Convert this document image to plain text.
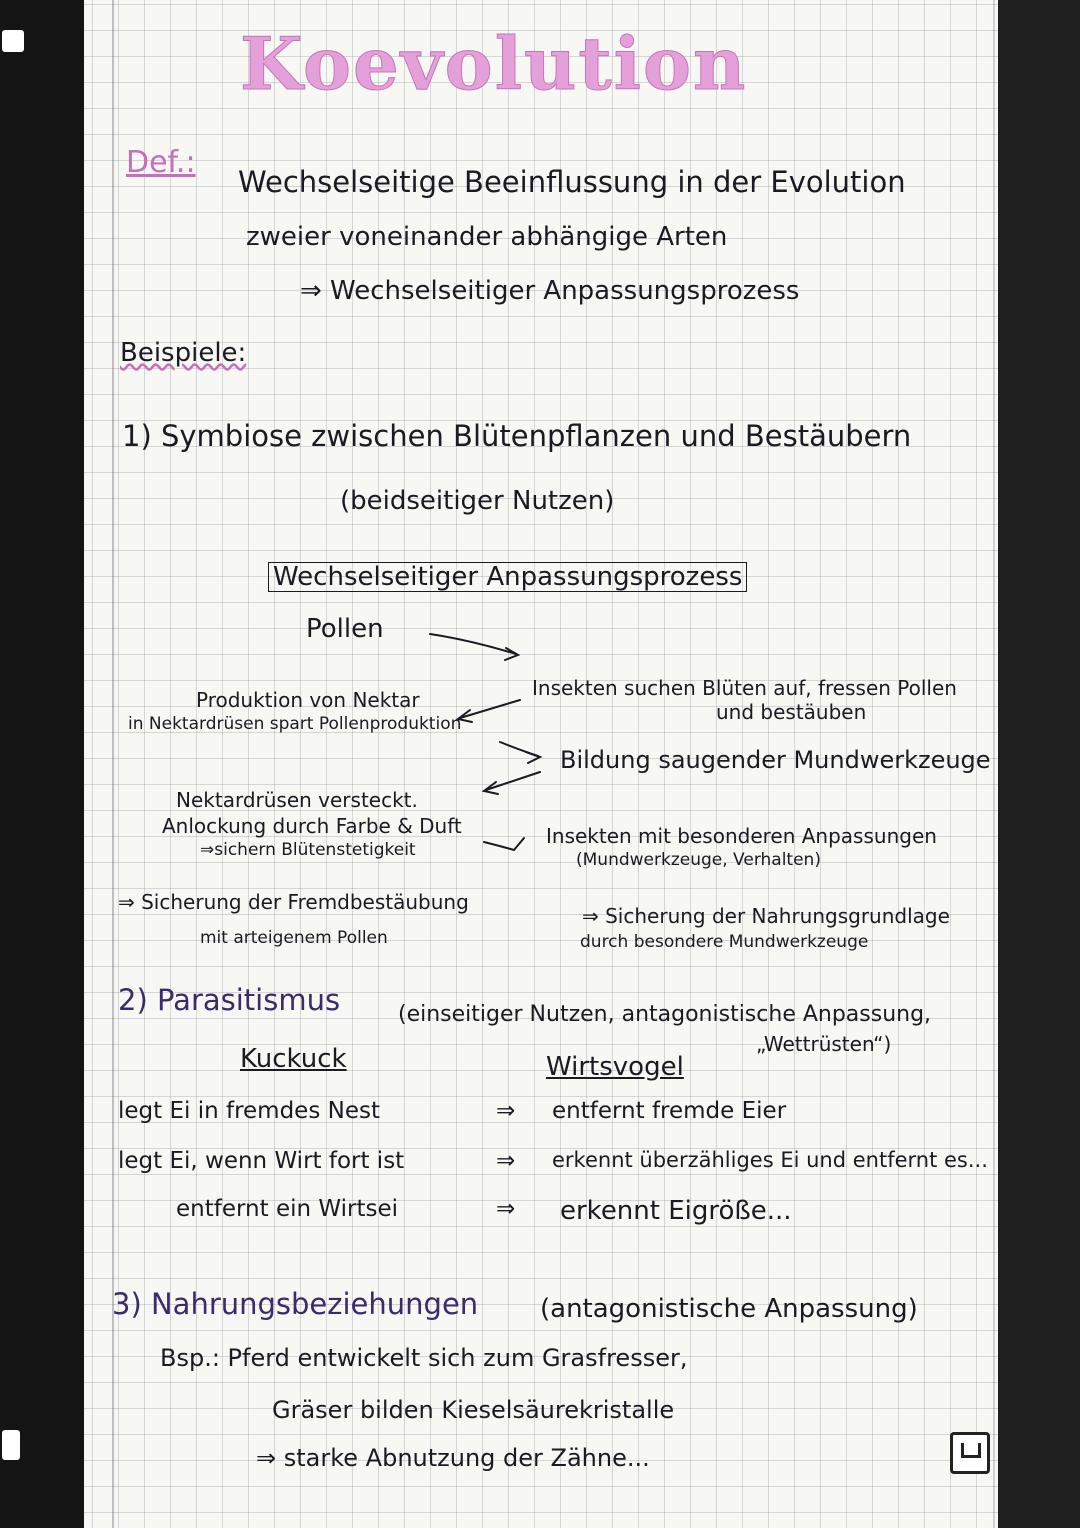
Koevolution
Def.:
Wechselseitige Beeinflussung in der Evolution
zweier voneinander abhängige Arten
⇒ Wechselseitiger Anpassungsprozess
Beispiele:
1) Symbiose zwischen Blütenpflanzen und Bestäubern
(beidseitiger Nutzen)
Wechselseitiger Anpassungsprozess
Pollen
Insekten suchen Blüten auf, fressen Pollen
und bestäuben
Produktion von Nektar
in Nektardrüsen spart Pollenproduktion
Bildung saugender Mundwerkzeuge
Nektardrüsen versteckt.
Anlockung durch Farbe & Duft
⇒sichern Blütenstetigkeit
Insekten mit besonderen Anpassungen
(Mundwerkzeuge, Verhalten)
⇒ Sicherung der Fremdbestäubung
mit arteigenem Pollen
⇒ Sicherung der Nahrungsgrundlage
durch besondere Mundwerkzeuge
2) Parasitismus	(einseitiger Nutzen, antagonistische Anpassung,
„Wettrüsten“)
Kuckuck	Wirtsvogel
legt Ei in fremdes Nest	⇒ entfernt fremde Eier
legt Ei, wenn Wirt fort ist	⇒ erkennt überzähliges Ei und entfernt es...
entfernt ein Wirtsei	⇒ erkennt Eigröße...
3) Nahrungsbeziehungen (antagonistische Anpassung)
Bsp.: Pferd entwickelt sich zum Grasfresser,
Gräser bilden Kieselsäurekristalle
⇒ starke Abnutzung der Zähne...
